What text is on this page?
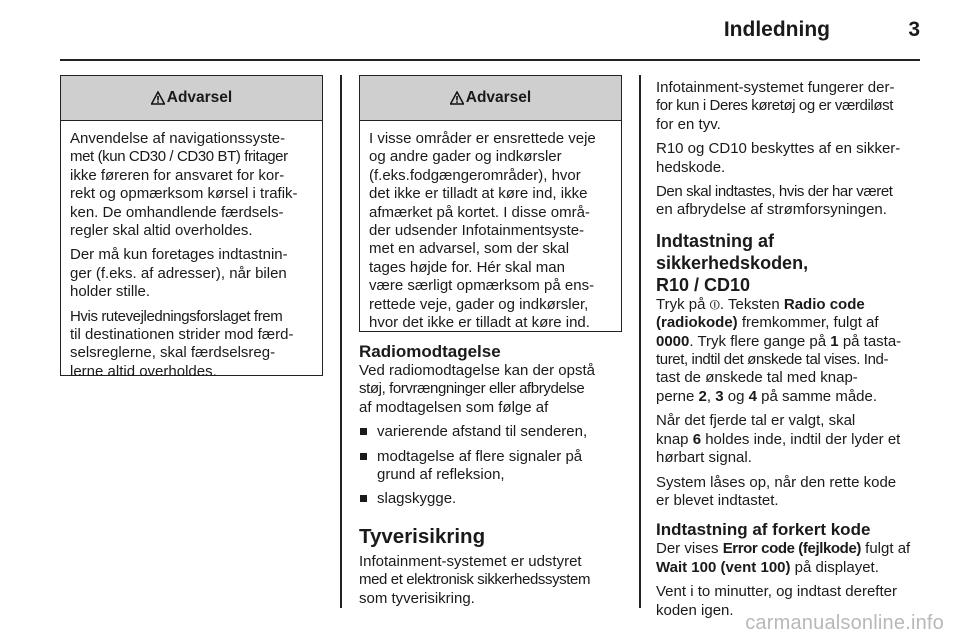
Indledning	3
Advarsel

Anvendelse af navigationssyste-
met (kun CD30 / CD30 BT) fritager
ikke føreren for ansvaret for kor-
rekt og opmærksom kørsel i trafik-
ken. De omhandlende færdsels-
regler skal altid overholdes.

Der må kun foretages indtastnin-
ger (f.eks. af adresser), når bilen
holder stille.

Hvis rutevejledningsforslaget frem
til destinationen strider mod færd-
selsreglerne, skal færdselsreg-
lerne altid overholdes.

Advarsel

I visse områder er ensrettede veje
og andre gader og indkørsler
(f.eks.fodgængerområder), hvor
det ikke er tilladt at køre ind, ikke
afmærket på kortet. I disse områ-
der udsender Infotainmentsyste-
met en advarsel, som der skal
tages højde for. Hér skal man
være særligt opmærksom på ens-
rettede veje, gader og indkørsler,
hvor det ikke er tilladt at køre ind.

Radiomodtagelse

Ved radiomodtagelse kan der opstå
støj, forvrængninger eller afbrydelse
af modtagelsen som følge af

varierende afstand til senderen,
modtagelse af flere signaler på
grund af refleksion,
slagskygge.
Tyverisikring

Infotainment-systemet er udstyret
med et elektronisk sikkerhedssystem
som tyverisikring.

Infotainment-systemet fungerer der-
for kun i Deres køretøj og er værdiløst
for en tyv.

R10 og CD10 beskyttes af en sikker-
hedskode.

Den skal indtastes, hvis der har været
en afbrydelse af strømforsyningen.

Indtastning af sikkerhedskoden,
R10 / CD10

Tryk på ⏼. Teksten Radio code
(radiokode) fremkommer, fulgt af
0000. Tryk flere gange på 1 på tasta-
turet, indtil det ønskede tal vises. Ind-
tast de ønskede tal med knap-
perne 2, 3 og 4 på samme måde.

Når det fjerde tal er valgt, skal
knap 6 holdes inde, indtil der lyder et
hørbart signal.

System låses op, når den rette kode
er blevet indtastet.

Indtastning af forkert kode

Der vises Error code (fejlkode) fulgt af
Wait 100 (vent 100) på displayet.

Vent i to minutter, og indtast derefter
koden igen.

carmanualsonline.info
